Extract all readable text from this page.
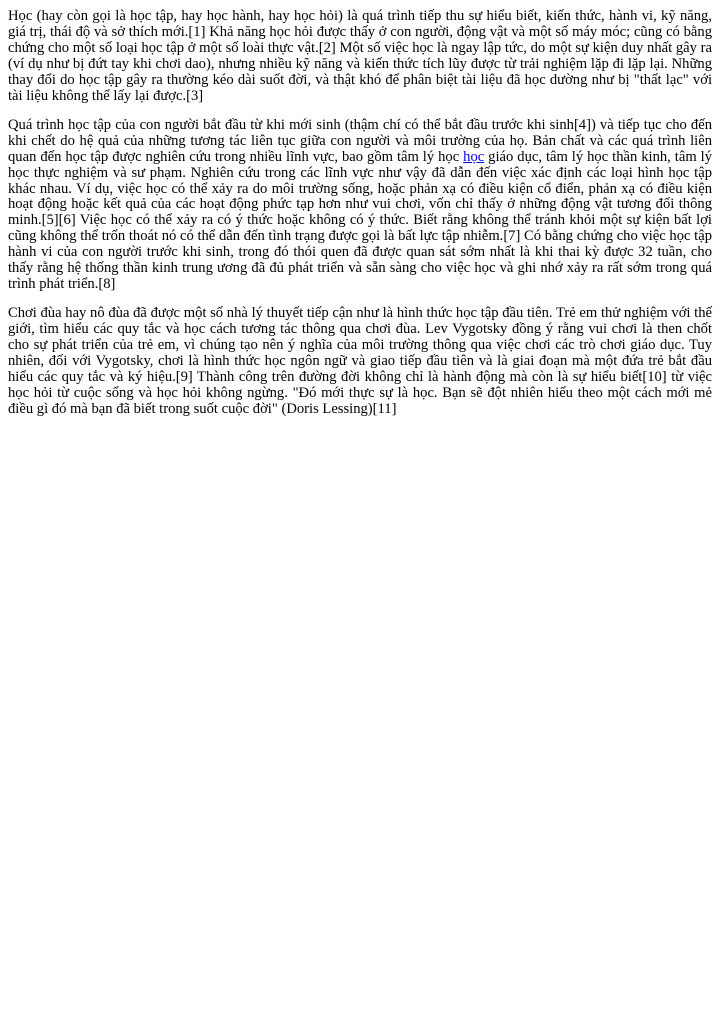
Học (hay còn gọi là học tập, hay học hành, hay học hỏi) là quá trình tiếp thu sự hiểu biết, kiến thức, hành vi, kỹ năng, giá trị, thái độ và sở thích mới.[1] Khả năng học hỏi được thấy ở con người, động vật và một số máy móc; cũng có bằng chứng cho một số loại học tập ở một số loài thực vật.[2] Một số việc học là ngay lập tức, do một sự kiện duy nhất gây ra (ví dụ như bị đứt tay khi chơi dao), nhưng nhiều kỹ năng và kiến thức tích lũy được từ trải nghiệm lặp đi lặp lại. Những thay đổi do học tập gây ra thường kéo dài suốt đời, và thật khó để phân biệt tài liệu đã học dường như bị "thất lạc" với tài liệu không thể lấy lại được.[3]

Quá trình học tập của con người bắt đầu từ khi mới sinh (thậm chí có thể bắt đầu trước khi sinh[4]) và tiếp tục cho đến khi chết do hệ quả của những tương tác liên tục giữa con người và môi trường của họ. Bản chất và các quá trình liên quan đến học tập được nghiên cứu trong nhiều lĩnh vực, bao gồm tâm lý học học giáo dục, tâm lý học thần kinh, tâm lý học thực nghiệm và sư phạm. Nghiên cứu trong các lĩnh vực như vậy đã dẫn đến việc xác định các loại hình học tập khác nhau. Ví dụ, việc học có thể xảy ra do môi trường sống, hoặc phản xạ có điều kiện cổ điển, phản xạ có điều kiện hoạt động hoặc kết quả của các hoạt động phức tạp hơn như vui chơi, vốn chỉ thấy ở những động vật tương đối thông minh.[5][6] Việc học có thể xảy ra có ý thức hoặc không có ý thức. Biết rằng không thể tránh khỏi một sự kiện bất lợi cũng không thể trốn thoát nó có thể dẫn đến tình trạng được gọi là bất lực tập nhiễm.[7] Có bằng chứng cho việc học tập hành vi của con người trước khi sinh, trong đó thói quen đã được quan sát sớm nhất là khi thai kỳ được 32 tuần, cho thấy rằng hệ thống thần kinh trung ương đã đủ phát triển và sẵn sàng cho việc học và ghi nhớ xảy ra rất sớm trong quá trình phát triển.[8]

Chơi đùa hay nô đùa đã được một số nhà lý thuyết tiếp cận như là hình thức học tập đầu tiên. Trẻ em thử nghiệm với thế giới, tìm hiểu các quy tắc và học cách tương tác thông qua chơi đùa. Lev Vygotsky đồng ý rằng vui chơi là then chốt cho sự phát triển của trẻ em, vì chúng tạo nên ý nghĩa của môi trường thông qua việc chơi các trò chơi giáo dục. Tuy nhiên, đối với Vygotsky, chơi là hình thức học ngôn ngữ và giao tiếp đầu tiên và là giai đoạn mà một đứa trẻ bắt đầu hiểu các quy tắc và ký hiệu.[9] Thành công trên đường đời không chỉ là hành động mà còn là sự hiểu biết[10] từ việc học hỏi từ cuộc sống và học hỏi không ngừng. "Đó mới thực sự là học. Bạn sẽ đột nhiên hiểu theo một cách mới mẻ điều gì đó mà bạn đã biết trong suốt cuộc đời" (Doris Lessing)[11]
